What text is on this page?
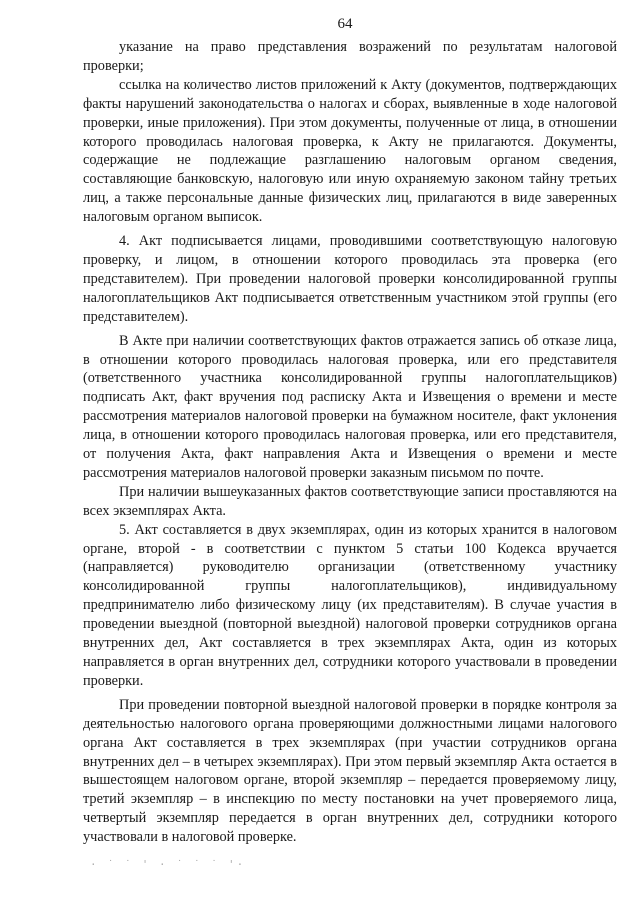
64

указание на право представления возражений по результатам налоговой проверки;

ссылка на количество листов приложений к Акту (документов, подтверждающих факты нарушений законодательства о налогах и сборах, выявленные в ходе налоговой проверки, иные приложения). При этом документы, полученные от лица, в отношении которого проводилась налоговая проверка, к Акту не прилагаются. Документы, содержащие не подлежащие разглашению налоговым органом сведения, составляющие банковскую, налоговую или иную охраняемую законом тайну третьих лиц, а также персональные данные физических лиц, прилагаются в виде заверенных налоговым органом выписок.

4. Акт подписывается лицами, проводившими соответствующую налоговую проверку, и лицом, в отношении которого проводилась эта проверка (его представителем). При проведении налоговой проверки консолидированной группы налогоплательщиков Акт подписывается ответственным участником этой группы (его представителем).

В Акте при наличии соответствующих фактов отражается запись об отказе лица, в отношении которого проводилась налоговая проверка, или его представителя (ответственного участника консолидированной группы налогоплательщиков) подписать Акт, факт вручения под расписку Акта и Извещения о времени и месте рассмотрения материалов налоговой проверки на бумажном носителе, факт уклонения лица, в отношении которого проводилась налоговая проверка, или его представителя, от получения Акта, факт направления Акта и Извещения о времени и месте рассмотрения материалов налоговой проверки заказным письмом по почте.

При наличии вышеуказанных фактов соответствующие записи проставляются на всех экземплярах Акта.

5. Акт составляется в двух экземплярах, один из которых хранится в налоговом органе, второй - в соответствии с пунктом 5 статьи 100 Кодекса вручается (направляется) руководителю организации (ответственному участнику консолидированной группы налогоплательщиков), индивидуальному предпринимателю либо физическому лицу (их представителям). В случае участия в проведении выездной (повторной выездной) налоговой проверки сотрудников органа внутренних дел, Акт составляется в трех экземплярах Акта, один из которых направляется в орган внутренних дел, сотрудники которого участвовали в проведении проверки.

При проведении повторной выездной налоговой проверки в порядке контроля за деятельностью налогового органа проверяющими должностными лицами налогового органа Акт составляется в трех экземплярах (при участии сотрудников органа внутренних дел – в четырех экземплярах). При этом первый экземпляр Акта остается в вышестоящем налоговом органе, второй экземпляр – передается проверяемому лицу, третий экземпляр – в инспекцию по месту постановки на учет проверяемого лица, четвертый экземпляр передается в орган внутренних дел, сотрудники которого участвовали в налоговой проверке.

· ˙ ˙ ' · ˙ ˙ ˙ '·
